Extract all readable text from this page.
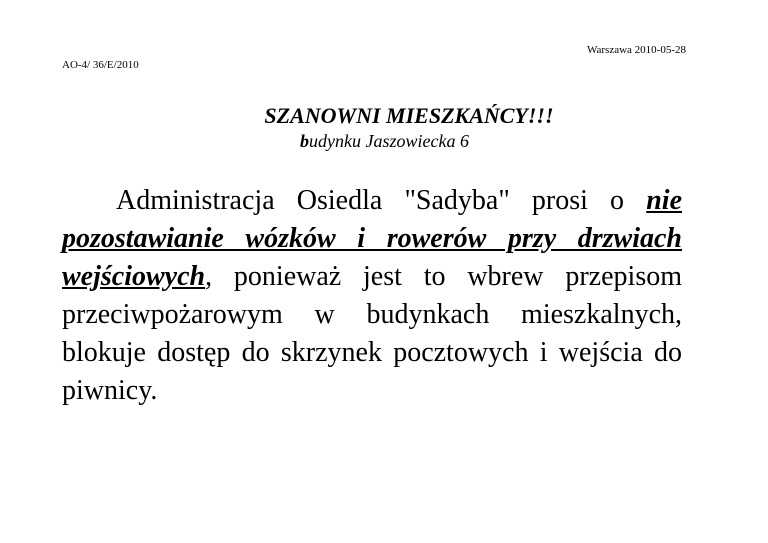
Warszawa 2010-05-28
AO-4/ 36/E/2010
SZANOWNI MIESZKAŃCY!!!
budynku Jaszowiecka 6
Administracja Osiedla "Sadyba" prosi o nie pozostawianie wózków i rowerów przy drzwiach wejściowych, ponieważ jest to wbrew przepisom przeciwpożarowym w budynkach mieszkalnych, blokuje dostęp do skrzynek pocztowych i wejścia do piwnicy.
